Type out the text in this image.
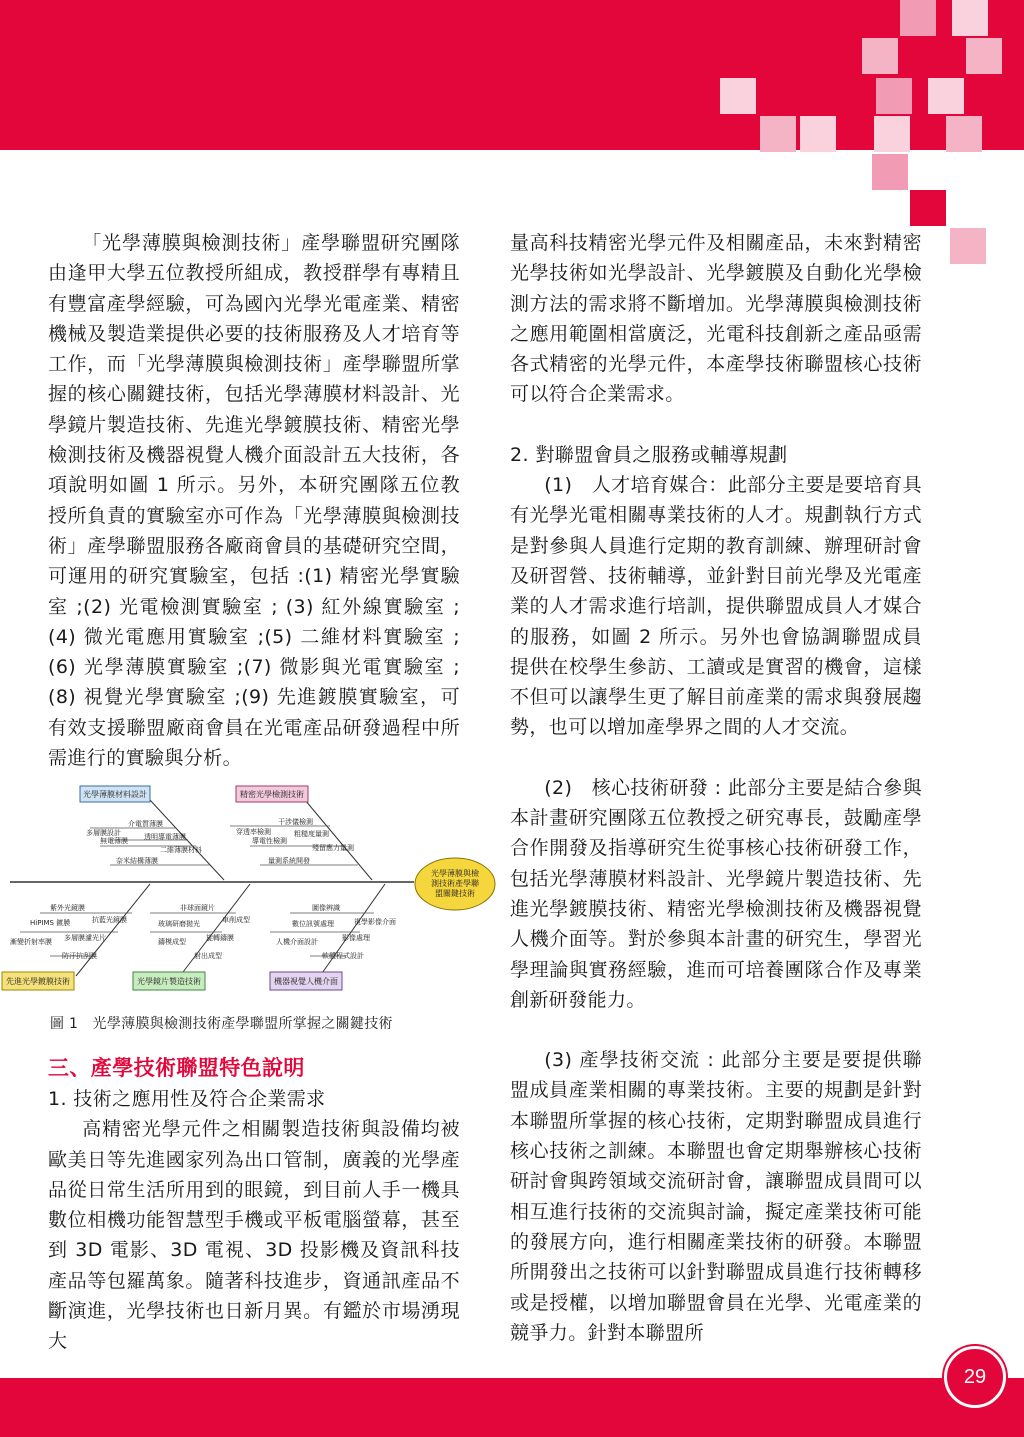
「光學薄膜與檢測技術」產學聯盟研究團隊由逢甲大學五位教授所組成，教授群學有專精且有豐富產學經驗，可為國內光學光電產業、精密機械及製造業提供必要的技術服務及人才培育等工作，而「光學薄膜與檢測技術」產學聯盟所掌握的核心關鍵技術，包括光學薄膜材料設計、光學鏡片製造技術、先進光學鍍膜技術、精密光學檢測技術及機器視覺人機介面設計五大技術，各項說明如圖 1 所示。另外，本研究團隊五位教授所負責的實驗室亦可作為「光學薄膜與檢測技術」產學聯盟服務各廠商會員的基礎研究空間，可運用的研究實驗室，包括 :(1) 精密光學實驗室 ;(2) 光電檢測實驗室 ; (3) 紅外線實驗室 ;(4) 微光電應用實驗室 ;(5) 二維材料實驗室 ;(6) 光學薄膜實驗室 ;(7) 微影與光電實驗室 ;(8) 視覺光學實驗室 ;(9) 先進鍍膜實驗室，可有效支援聯盟廠商會員在光電產品研發過程中所需進行的實驗與分析。

光學薄膜與檢
測技術產學聯
盟關鍵技術
光學薄膜材料設計	精密光學檢測技術
先進光學鍍膜技術	光學鏡片製造技術	機器視覺人機介面
介電質薄膜
多層膜設計	透明導電薄膜
無電薄膜
二維薄膜材料
奈米結構薄膜
干涉儀檢測
穿透率檢測	粗糙度量測
導電性檢測
殘留應力量測
量測系統開發
紫外光鏡膜
HiPIMS 鍍膜	抗藍光鏡膜
多層膜濾光片
漸變折射率膜
防汙抗刮膜
非球面鏡片
玻璃研磨拋光	車削成型
鑄模成型	旋轉鑄膜
射出成型
圖像辨識
數位訊號處理	視學影像介面
人機介面設計	影像處理
軟體程式設計
圖 1　光學薄膜與檢測技術產學聯盟所掌握之關鍵技術
三、產學技術聯盟特色說明

1. 技術之應用性及符合企業需求

高精密光學元件之相關製造技術與設備均被歐美日等先進國家列為出口管制，廣義的光學產品從日常生活所用到的眼鏡，到目前人手一機具數位相機功能智慧型手機或平板電腦螢幕，甚至到 3D 電影、3D 電視、3D 投影機及資訊科技產品等包羅萬象。隨著科技進步，資通訊產品不斷演進，光學技術也日新月異。有鑑於市場湧現大

量高科技精密光學元件及相關產品，未來對精密光學技術如光學設計、光學鍍膜及自動化光學檢測方法的需求將不斷增加。光學薄膜與檢測技術之應用範圍相當廣泛，光電科技創新之產品亟需各式精密的光學元件，本產學技術聯盟核心技術可以符合企業需求。

2. 對聯盟會員之服務或輔導規劃

(1)　人才培育媒合：此部分主要是要培育具有光學光電相關專業技術的人才。規劃執行方式是對參與人員進行定期的教育訓練、辦理研討會及研習營、技術輔導，並針對目前光學及光電產業的人才需求進行培訓，提供聯盟成員人才媒合的服務，如圖 2 所示。另外也會協調聯盟成員提供在校學生參訪、工讀或是實習的機會，這樣不但可以讓學生更了解目前產業的需求與發展趨勢，也可以增加產學界之間的人才交流。

(2)　核心技術研發 : 此部分主要是結合參與本計畫研究團隊五位教授之研究專長，鼓勵產學合作開發及指導研究生從事核心技術研發工作，包括光學薄膜材料設計、光學鏡片製造技術、先進光學鍍膜技術、精密光學檢測技術及機器視覺人機介面等。對於參與本計畫的研究生，學習光學理論與實務經驗，進而可培養團隊合作及專業創新研發能力。

(3) 產學技術交流 : 此部分主要是要提供聯盟成員產業相關的專業技術。主要的規劃是針對本聯盟所掌握的核心技術，定期對聯盟成員進行核心技術之訓練。本聯盟也會定期舉辦核心技術研討會與跨領域交流研討會，讓聯盟成員間可以相互進行技術的交流與討論，擬定產業技術可能的發展方向，進行相關產業技術的研發。本聯盟所開發出之技術可以針對聯盟成員進行技術轉移或是授權，以增加聯盟會員在光學、光電產業的競爭力。針對本聯盟所

29
